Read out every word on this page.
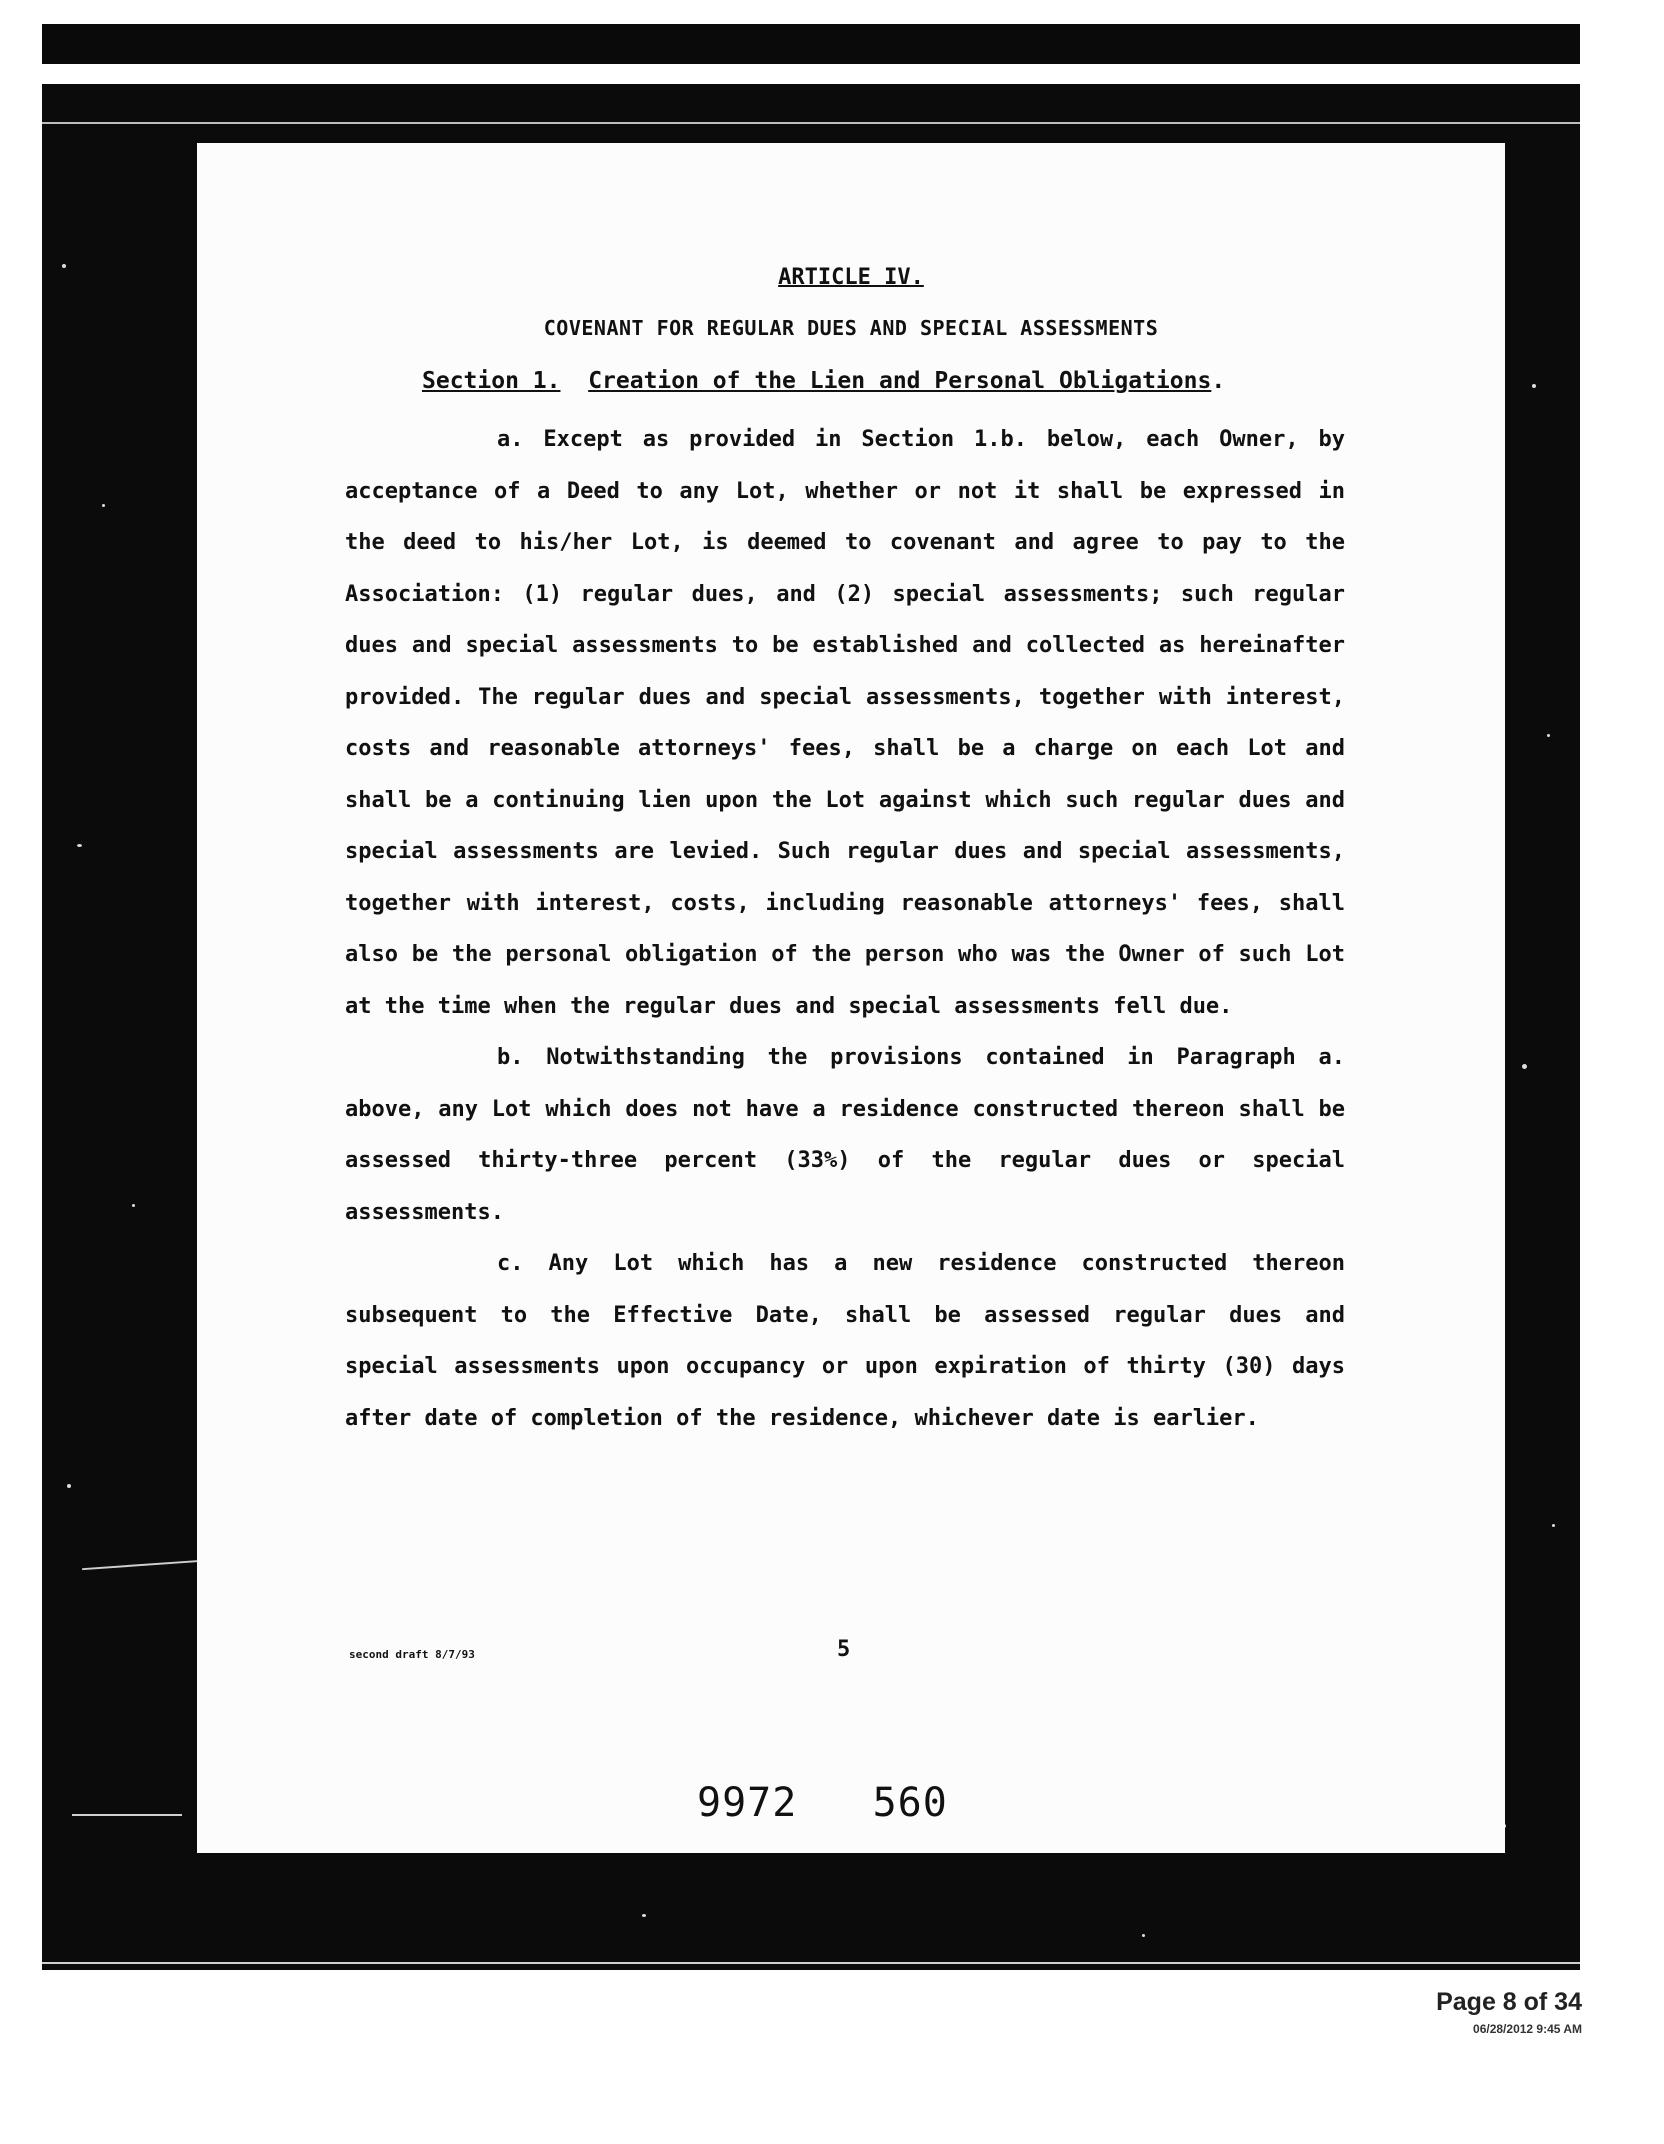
ARTICLE IV.
COVENANT FOR REGULAR DUES AND SPECIAL ASSESSMENTS
Section 1. Creation of the Lien and Personal Obligations.

a. Except as provided in Section 1.b. below, each Owner, by acceptance of a Deed to any Lot, whether or not it shall be expressed in the deed to his/her Lot, is deemed to covenant and agree to pay to the Association: (1) regular dues, and (2) special assessments; such regular dues and special assessments to be established and collected as hereinafter provided. The regular dues and special assessments, together with interest, costs and reasonable attorneys' fees, shall be a charge on each Lot and shall be a continuing lien upon the Lot against which such regular dues and special assessments are levied. Such regular dues and special assessments, together with interest, costs, including reasonable attorneys' fees, shall also be the personal obligation of the person who was the Owner of such Lot at the time when the regular dues and special assessments fell due.

b. Notwithstanding the provisions contained in Paragraph a. above, any Lot which does not have a residence constructed thereon shall be assessed thirty-three percent (33%) of the regular dues or special assessments.

c. Any Lot which has a new residence constructed thereon subsequent to the Effective Date, shall be assessed regular dues and special assessments upon occupancy or upon expiration of thirty (30) days after date of completion of the residence, whichever date is earlier.

second draft 8/7/93	5
9972   560
Page 8 of 34
06/28/2012 9:45 AM
